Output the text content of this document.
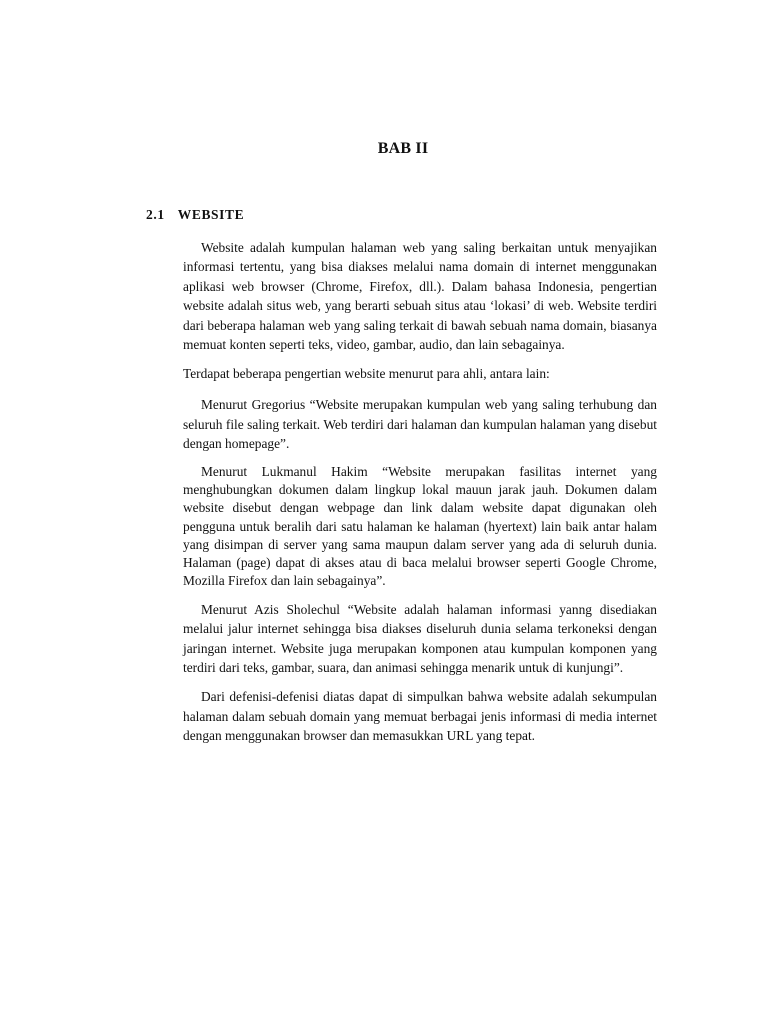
BAB II
2.1 WEBSITE

Website adalah kumpulan halaman web yang saling berkaitan untuk menyajikan informasi tertentu, yang bisa diakses melalui nama domain di internet menggunakan aplikasi web browser (Chrome, Firefox, dll.). Dalam bahasa Indonesia, pengertian website adalah situs web, yang berarti sebuah situs atau ‘lokasi’ di web. Website terdiri dari beberapa halaman web yang saling terkait di bawah sebuah nama domain, biasanya memuat konten seperti teks, video, gambar, audio, dan lain sebagainya.

Terdapat beberapa pengertian website menurut para ahli, antara lain:

Menurut Gregorius “Website merupakan kumpulan web yang saling terhubung dan seluruh file saling terkait. Web terdiri dari halaman dan kumpulan halaman yang disebut dengan homepage”.

Menurut Lukmanul Hakim “Website merupakan fasilitas internet yang menghubungkan dokumen dalam lingkup lokal mauun jarak jauh. Dokumen dalam website disebut dengan webpage dan link dalam website dapat digunakan oleh pengguna untuk beralih dari satu halaman ke halaman (hyertext) lain baik antar halam yang disimpan di server yang sama maupun dalam server yang ada di seluruh dunia. Halaman (page) dapat di akses atau di baca melalui browser seperti Google Chrome, Mozilla Firefox dan lain sebagainya”.

Menurut Azis Sholechul “Website adalah halaman informasi yanng disediakan melalui jalur internet sehingga bisa diakses diseluruh dunia selama terkoneksi dengan jaringan internet. Website juga merupakan komponen atau kumpulan komponen yang terdiri dari teks, gambar, suara, dan animasi sehingga menarik untuk di kunjungi”.

Dari defenisi-defenisi diatas dapat di simpulkan bahwa website adalah sekumpulan halaman dalam sebuah domain yang memuat berbagai jenis informasi di media internet dengan menggunakan browser dan memasukkan URL yang tepat.
